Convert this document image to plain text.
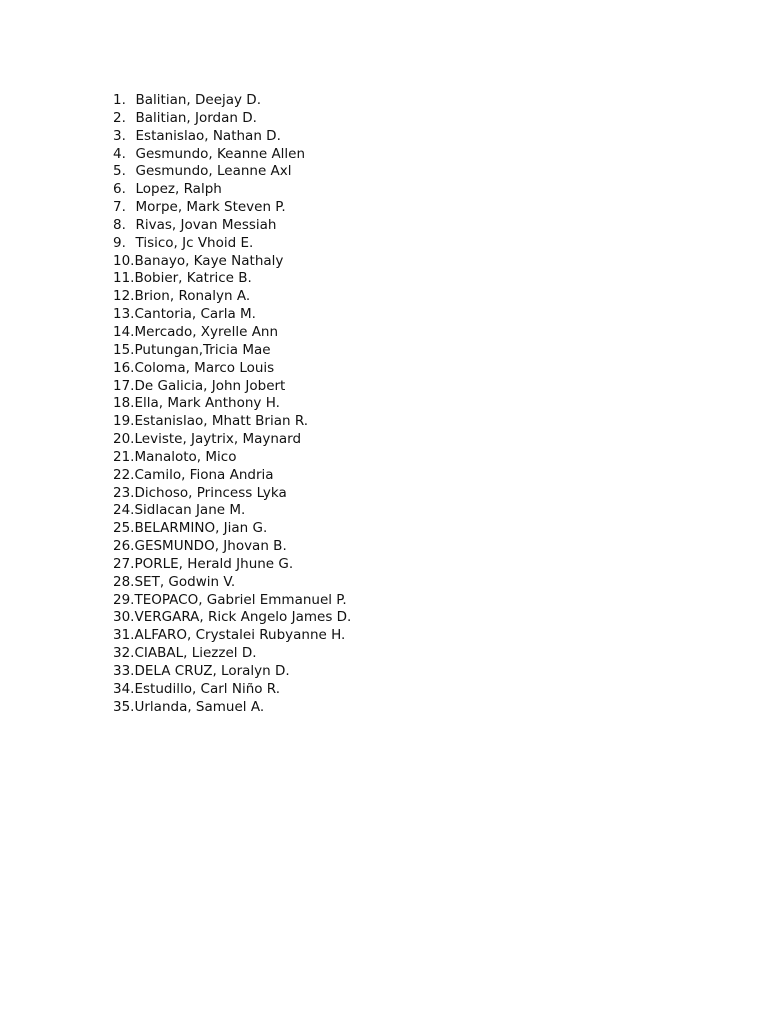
1. Balitian, Deejay D.
2. Balitian, Jordan D.
3. Estanislao, Nathan D.
4. Gesmundo, Keanne Allen
5. Gesmundo, Leanne Axl
6. Lopez, Ralph
7. Morpe, Mark Steven P.
8. Rivas, Jovan Messiah
9. Tisico, Jc Vhoid E.
10. Banayo, Kaye Nathaly
11. Bobier, Katrice B.
12. Brion, Ronalyn A.
13. Cantoria, Carla M.
14. Mercado, Xyrelle Ann
15. Putungan,Tricia Mae
16. Coloma, Marco Louis
17. De Galicia, John Jobert
18. Ella, Mark Anthony H.
19. Estanislao, Mhatt Brian R.
20. Leviste, Jaytrix, Maynard
21. Manaloto, Mico
22. Camilo, Fiona Andria
23. Dichoso, Princess Lyka
24. Sidlacan Jane M.
25. BELARMINO, Jian G.
26. GESMUNDO, Jhovan B.
27. PORLE, Herald Jhune G.
28. SET, Godwin V.
29. TEOPACO, Gabriel Emmanuel P.
30. VERGARA, Rick Angelo James D.
31. ALFARO, Crystalei Rubyanne H.
32. CIABAL, Liezzel D.
33. DELA CRUZ, Loralyn D.
34. Estudillo, Carl Niño R.
35. Urlanda, Samuel A.
